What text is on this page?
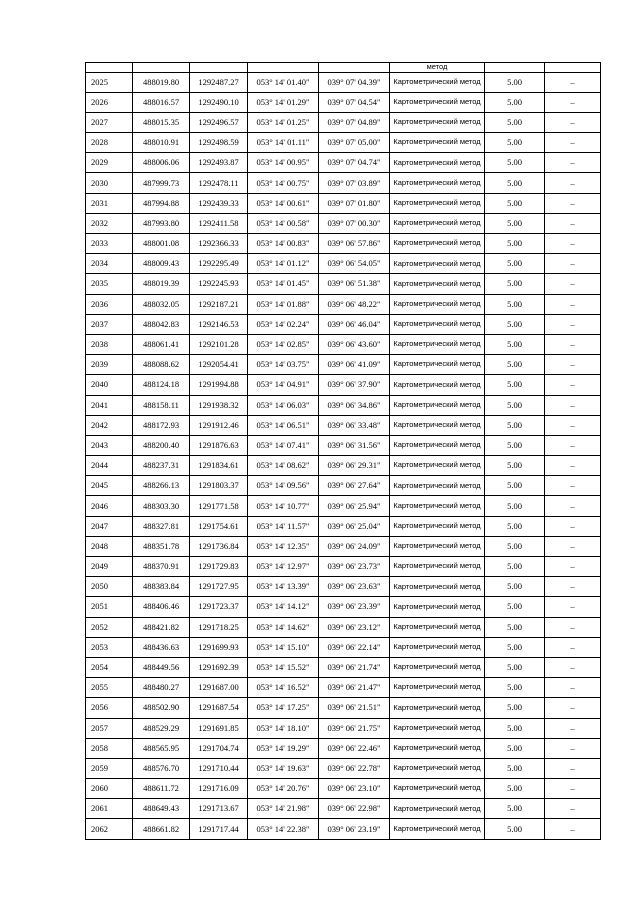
					метод		
2025	488019.80	1292487.27	053° 14' 01.40"	039° 07' 04.39"	Картометрический метод	5.00	–
2026	488016.57	1292490.10	053° 14' 01.29"	039° 07' 04.54"	Картометрический метод	5.00	–
2027	488015.35	1292496.57	053° 14' 01.25"	039° 07' 04.89"	Картометрический метод	5.00	–
2028	488010.91	1292498.59	053° 14' 01.11"	039° 07' 05.00"	Картометрический метод	5.00	–
2029	488006.06	1292493.87	053° 14' 00.95"	039° 07' 04.74"	Картометрический метод	5.00	–
2030	487999.73	1292478.11	053° 14' 00.75"	039° 07' 03.89"	Картометрический метод	5.00	–
2031	487994.88	1292439.33	053° 14' 00.61"	039° 07' 01.80"	Картометрический метод	5.00	–
2032	487993.80	1292411.58	053° 14' 00.58"	039° 07' 00.30"	Картометрический метод	5.00	–
2033	488001.08	1292366.33	053° 14' 00.83"	039° 06' 57.86"	Картометрический метод	5.00	–
2034	488009.43	1292295.49	053° 14' 01.12"	039° 06' 54.05"	Картометрический метод	5.00	–
2035	488019.39	1292245.93	053° 14' 01.45"	039° 06' 51.38"	Картометрический метод	5.00	–
2036	488032.05	1292187.21	053° 14' 01.88"	039° 06' 48.22"	Картометрический метод	5.00	–
2037	488042.83	1292146.53	053° 14' 02.24"	039° 06' 46.04"	Картометрический метод	5.00	–
2038	488061.41	1292101.28	053° 14' 02.85"	039° 06' 43.60"	Картометрический метод	5.00	–
2039	488088.62	1292054.41	053° 14' 03.75"	039° 06' 41.09"	Картометрический метод	5.00	–
2040	488124.18	1291994.88	053° 14' 04.91"	039° 06' 37.90"	Картометрический метод	5.00	–
2041	488158.11	1291938.32	053° 14' 06.03"	039° 06' 34.86"	Картометрический метод	5.00	–
2042	488172.93	1291912.46	053° 14' 06.51"	039° 06' 33.48"	Картометрический метод	5.00	–
2043	488200.40	1291876.63	053° 14' 07.41"	039° 06' 31.56"	Картометрический метод	5.00	–
2044	488237.31	1291834.61	053° 14' 08.62"	039° 06' 29.31"	Картометрический метод	5.00	–
2045	488266.13	1291803.37	053° 14' 09.56"	039° 06' 27.64"	Картометрический метод	5.00	–
2046	488303.30	1291771.58	053° 14' 10.77"	039° 06' 25.94"	Картометрический метод	5.00	–
2047	488327.81	1291754.61	053° 14' 11.57"	039° 06' 25.04"	Картометрический метод	5.00	–
2048	488351.78	1291736.84	053° 14' 12.35"	039° 06' 24.09"	Картометрический метод	5.00	–
2049	488370.91	1291729.83	053° 14' 12.97"	039° 06' 23.73"	Картометрический метод	5.00	–
2050	488383.84	1291727.95	053° 14' 13.39"	039° 06' 23.63"	Картометрический метод	5.00	–
2051	488406.46	1291723.37	053° 14' 14.12"	039° 06' 23.39"	Картометрический метод	5.00	–
2052	488421.82	1291718.25	053° 14' 14.62"	039° 06' 23.12"	Картометрический метод	5.00	–
2053	488436.63	1291699.93	053° 14' 15.10"	039° 06' 22.14"	Картометрический метод	5.00	–
2054	488449.56	1291692.39	053° 14' 15.52"	039° 06' 21.74"	Картометрический метод	5.00	–
2055	488480.27	1291687.00	053° 14' 16.52"	039° 06' 21.47"	Картометрический метод	5.00	–
2056	488502.90	1291687.54	053° 14' 17.25"	039° 06' 21.51"	Картометрический метод	5.00	–
2057	488529.29	1291691.85	053° 14' 18.10"	039° 06' 21.75"	Картометрический метод	5.00	–
2058	488565.95	1291704.74	053° 14' 19.29"	039° 06' 22.46"	Картометрический метод	5.00	–
2059	488576.70	1291710.44	053° 14' 19.63"	039° 06' 22.78"	Картометрический метод	5.00	–
2060	488611.72	1291716.09	053° 14' 20.76"	039° 06' 23.10"	Картометрический метод	5.00	–
2061	488649.43	1291713.67	053° 14' 21.98"	039° 06' 22.98"	Картометрический метод	5.00	–
2062	488661.82	1291717.44	053° 14' 22.38"	039° 06' 23.19"	Картометрический метод	5.00	–
